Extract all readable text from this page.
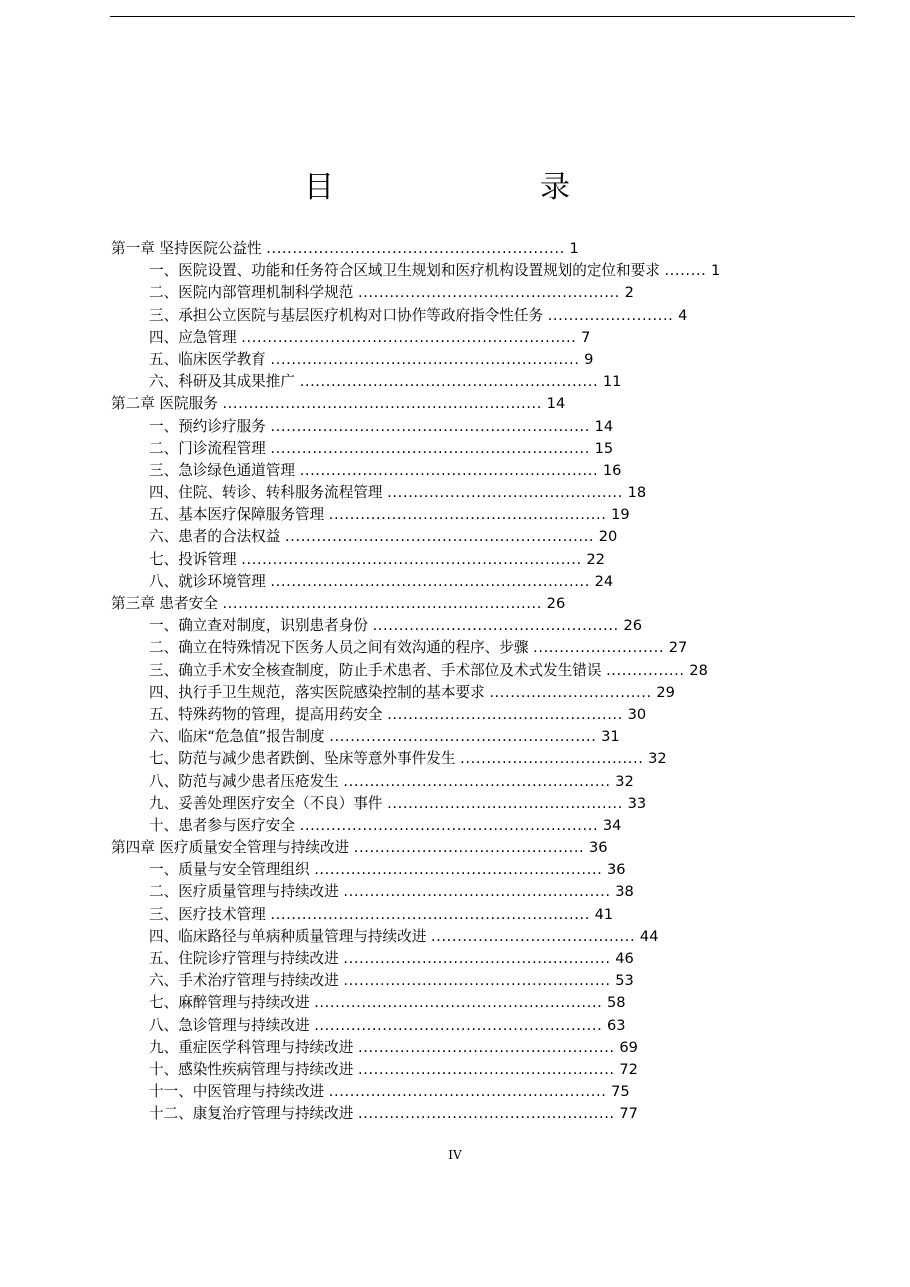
目　录
第一章 坚持医院公益性 ......................................................... 1
一、医院设置、功能和任务符合区域卫生规划和医疗机构设置规划的定位和要求 ........ 1
二、医院内部管理机制科学规范 .................................................. 2
三、承担公立医院与基层医疗机构对口协作等政府指令性任务 ........................ 4
四、应急管理 ................................................................ 7
五、临床医学教育 ........................................................... 9
六、科研及其成果推广 ......................................................... 11
第二章 医院服务 ............................................................. 14
一、预约诊疗服务 ............................................................. 14
二、门诊流程管理 ............................................................. 15
三、急诊绿色通道管理 ......................................................... 16
四、住院、转诊、转科服务流程管理 ............................................. 18
五、基本医疗保障服务管理 ..................................................... 19
六、患者的合法权益 ........................................................... 20
七、投诉管理 ................................................................. 22
八、就诊环境管理 ............................................................. 24
第三章 患者安全 ............................................................. 26
一、确立查对制度，识别患者身份 ............................................... 26
二、确立在特殊情况下医务人员之间有效沟通的程序、步骤 ......................... 27
三、确立手术安全核查制度，防止手术患者、手术部位及术式发生错误 ............... 28
四、执行手卫生规范，落实医院感染控制的基本要求 ............................... 29
五、特殊药物的管理，提高用药安全 ............................................. 30
六、临床“危急值”报告制度 ................................................... 31
七、防范与减少患者跌倒、坠床等意外事件发生 ................................... 32
八、防范与减少患者压疮发生 ................................................... 32
九、妥善处理医疗安全（不良）事件 ............................................. 33
十、患者参与医疗安全 ......................................................... 34
第四章 医疗质量安全管理与持续改进 ............................................ 36
一、质量与安全管理组织 ....................................................... 36
二、医疗质量管理与持续改进 ................................................... 38
三、医疗技术管理 ............................................................. 41
四、临床路径与单病种质量管理与持续改进 ....................................... 44
五、住院诊疗管理与持续改进 ................................................... 46
六、手术治疗管理与持续改进 ................................................... 53
七、麻醉管理与持续改进 ....................................................... 58
八、急诊管理与持续改进 ....................................................... 63
九、重症医学科管理与持续改进 ................................................. 69
十、感染性疾病管理与持续改进 ................................................. 72
十一、中医管理与持续改进 ..................................................... 75
十二、康复治疗管理与持续改进 ................................................. 77
IV
